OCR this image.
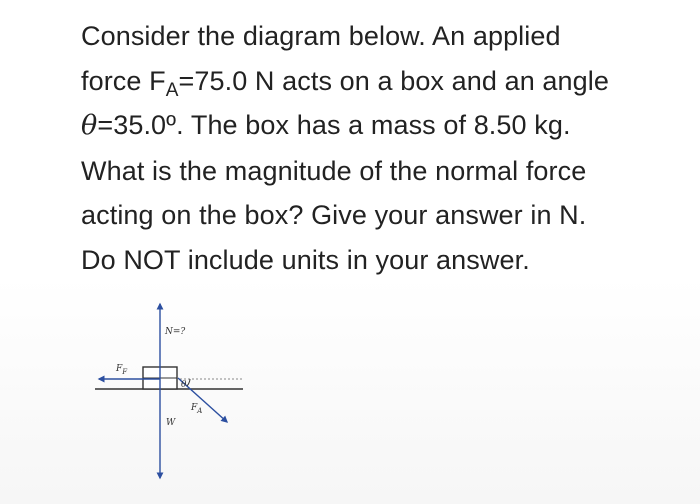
Consider the diagram below. An applied
force $F_A=75.0$ N acts on a box and an angle
θ=35.0º. The box has a mass of 8.50 kg.
What is the magnitude of the normal force
acting on the box? Give your answer in N.
Do NOT include units in your answer.
N=?
$F_F$
θ
$F_A$
W
